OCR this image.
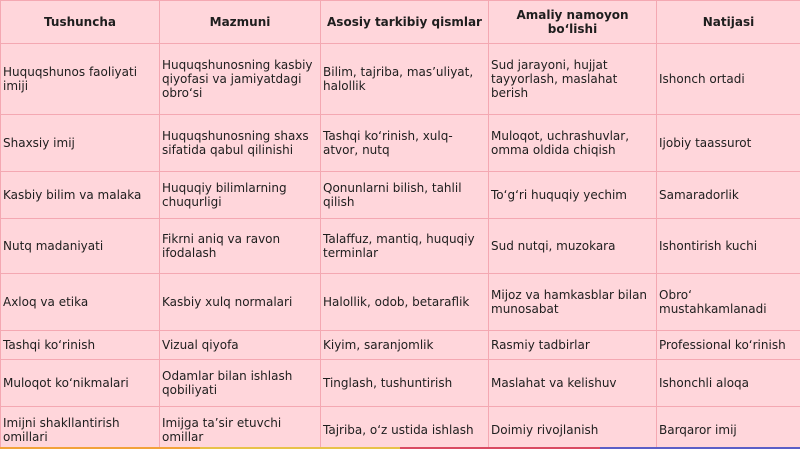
Tushuncha	Mazmuni	Asosiy tarkibiy qismlar	Amaliy namoyon bo‘lishi	Natijasi
Huquqshunos faoliyati imiji	Huquqshunosning kasbiy qiyofasi va jamiyatdagi obro‘si	Bilim, tajriba, mas’uliyat, halollik	Sud jarayoni, hujjat tayyorlash, maslahat berish	Ishonch ortadi
Shaxsiy imij	Huquqshunosning shaxs sifatida qabul qilinishi	Tashqi ko‘rinish, xulq-atvor, nutq	Muloqot, uchrashuvlar, omma oldida chiqish	Ijobiy taassurot
Kasbiy bilim va malaka	Huquqiy bilimlarning chuqurligi	Qonunlarni bilish, tahlil qilish	To‘g‘ri huquqiy yechim	Samaradorlik
Nutq madaniyati	Fikrni aniq va ravon ifodalash	Talaffuz, mantiq, huquqiy terminlar	Sud nutqi, muzokara	Ishontirish kuchi
Axloq va etika	Kasbiy xulq normalari	Halollik, odob, betaraflik	Mijoz va hamkasblar bilan munosabat	Obro‘ mustahkamlanadi
Tashqi ko‘rinish	Vizual qiyofa	Kiyim, saranjomlik	Rasmiy tadbirlar	Professional ko‘rinish
Muloqot ko‘nikmalari	Odamlar bilan ishlash qobiliyati	Tinglash, tushuntirish	Maslahat va kelishuv	Ishonchli aloqa
Imijni shakllantirish omillari	Imijga ta’sir etuvchi omillar	Tajriba, o‘z ustida ishlash	Doimiy rivojlanish	Barqaror imij
